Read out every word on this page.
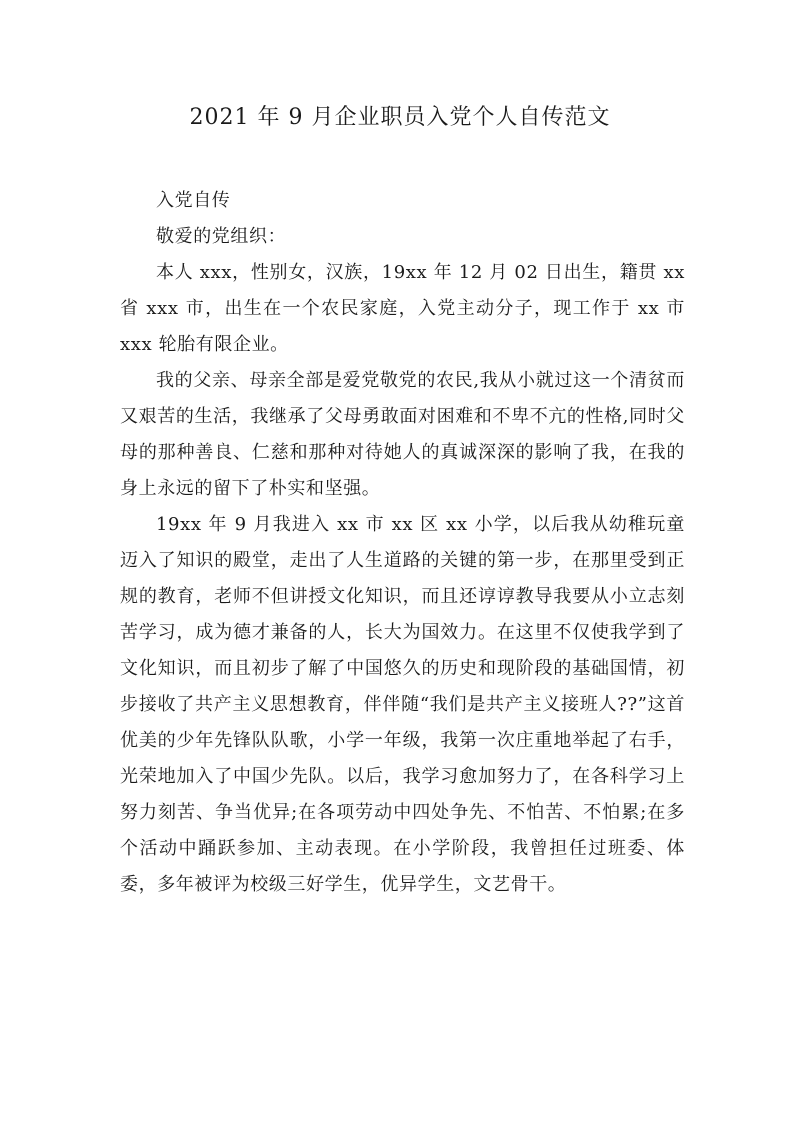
2021 年 9 月企业职员入党个人自传范文

入党自传

敬爱的党组织：

本人 xxx，性别女，汉族，19xx 年 12 月 02 日出生，籍贯 xx 省 xxx 市，出生在一个农民家庭，入党主动分子，现工作于 xx 市 xxx 轮胎有限企业。

我的父亲、母亲全部是爱党敬党的农民,我从小就过这一个清贫而又艰苦的生活，我继承了父母勇敢面对困难和不卑不亢的性格,同时父母的那种善良、仁慈和那种对待她人的真诚深深的影响了我，在我的身上永远的留下了朴实和坚强。

19xx 年 9 月我进入 xx 市 xx 区 xx 小学，以后我从幼稚玩童迈入了知识的殿堂，走出了人生道路的关键的第一步，在那里受到正规的教育，老师不但讲授文化知识，而且还谆谆教导我要从小立志刻苦学习，成为德才兼备的人，长大为国效力。在这里不仅使我学到了文化知识，而且初步了解了中国悠久的历史和现阶段的基础国情，初步接收了共产主义思想教育，伴伴随“我们是共产主义接班人??”这首优美的少年先锋队队歌，小学一年级，我第一次庄重地举起了右手，光荣地加入了中国少先队。以后，我学习愈加努力了，在各科学习上努力刻苦、争当优异;在各项劳动中四处争先、不怕苦、不怕累;在多个活动中踊跃参加、主动表现。在小学阶段，我曾担任过班委、体委，多年被评为校级三好学生，优异学生，文艺骨干。
